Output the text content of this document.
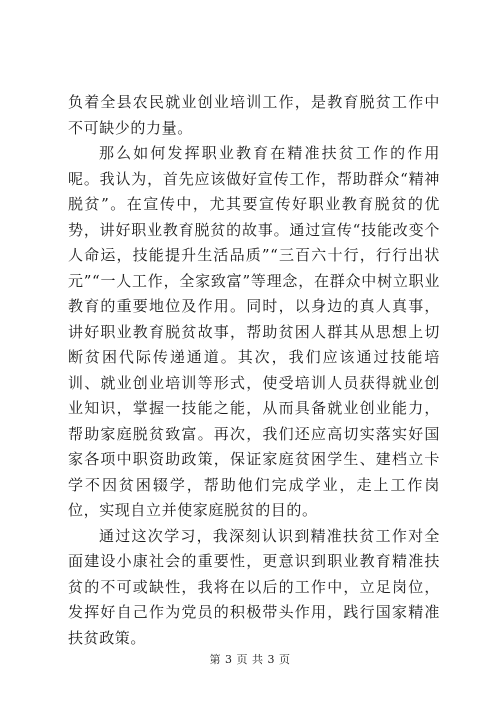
负着全县农民就业创业培训工作，是教育脱贫工作中不可缺少的力量。

那么如何发挥职业教育在精准扶贫工作的作用呢。我认为，首先应该做好宣传工作，帮助群众“精神脱贫”。在宣传中，尤其要宣传好职业教育脱贫的优势，讲好职业教育脱贫的故事。通过宣传“技能改变个人命运，技能提升生活品质”“三百六十行，行行出状元”“一人工作，全家致富”等理念，在群众中树立职业教育的重要地位及作用。同时，以身边的真人真事，讲好职业教育脱贫故事，帮助贫困人群其从思想上切断贫困代际传递通道。其次，我们应该通过技能培训、就业创业培训等形式，使受培训人员获得就业创业知识，掌握一技能之能，从而具备就业创业能力，帮助家庭脱贫致富。再次，我们还应高切实落实好国家各项中职资助政策，保证家庭贫困学生、建档立卡学不因贫困辍学，帮助他们完成学业，走上工作岗位，实现自立并使家庭脱贫的目的。

通过这次学习，我深刻认识到精准扶贫工作对全面建设小康社会的重要性，更意识到职业教育精准扶贫的不可或缺性，我将在以后的工作中，立足岗位，发挥好自己作为党员的积极带头作用，践行国家精准扶贫政策。

第 3 页 共 3 页
